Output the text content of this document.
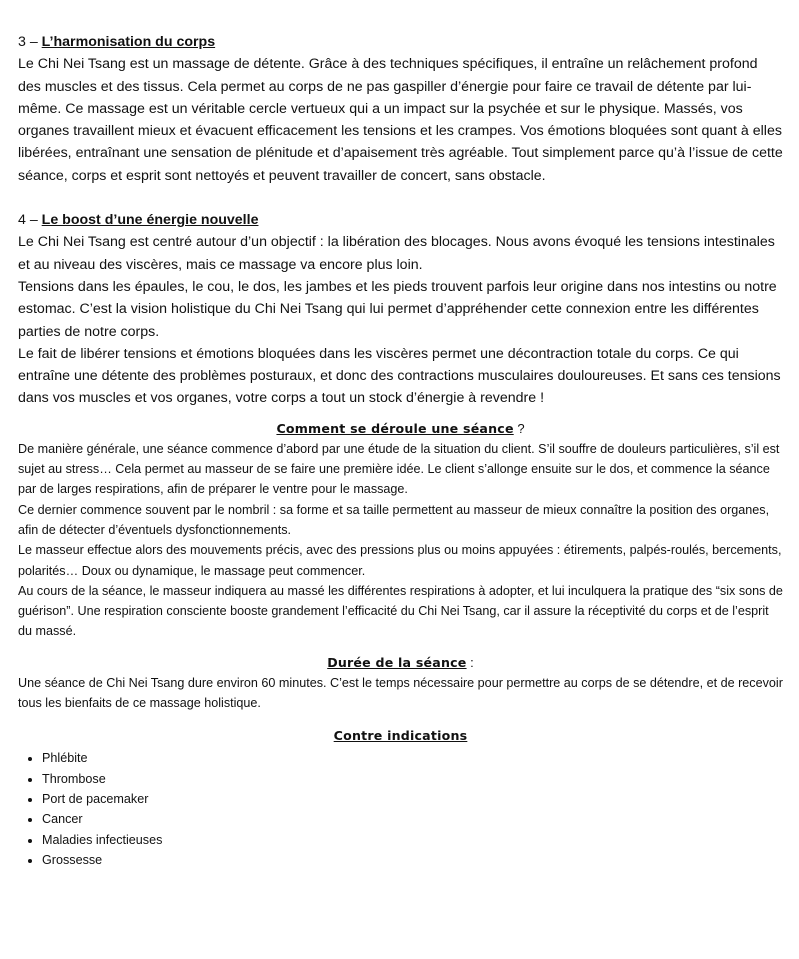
3 – L’harmonisation du corps

Le Chi Nei Tsang est un massage de détente. Grâce à des techniques spécifiques, il entraîne un relâchement profond des muscles et des tissus. Cela permet au corps de ne pas gaspiller d’énergie pour faire ce travail de détente par lui-même. Ce massage est un véritable cercle vertueux qui a un impact sur la psychée et sur le physique. Massés, vos organes travaillent mieux et évacuent efficacement les tensions et les crampes. Vos émotions bloquées sont quant à elles libérées, entraînant une sensation de plénitude et d’apaisement très agréable. Tout simplement parce qu’à l’issue de cette séance, corps et esprit sont nettoyés et peuvent travailler de concert, sans obstacle.

4 – Le boost d’une énergie nouvelle

Le Chi Nei Tsang est centré autour d’un objectif : la libération des blocages. Nous avons évoqué les tensions intestinales et au niveau des viscères, mais ce massage va encore plus loin.

Tensions dans les épaules, le cou, le dos, les jambes et les pieds trouvent parfois leur origine dans nos intestins ou notre estomac. C’est la vision holistique du Chi Nei Tsang qui lui permet d’appréhender cette connexion entre les différentes parties de notre corps.

Le fait de libérer tensions et émotions bloquées dans les viscères permet une décontraction totale du corps. Ce qui entraîne une détente des problèmes posturaux, et donc des contractions musculaires douloureuses. Et sans ces tensions dans vos muscles et vos organes, votre corps a tout un stock d’énergie à revendre !

Comment se déroule une séance ?

De manière générale, une séance commence d’abord par une étude de la situation du client. S’il souffre de douleurs particulières, s’il est sujet au stress… Cela permet au masseur de se faire une première idée. Le client s’allonge ensuite sur le dos, et commence la séance par de larges respirations, afin de préparer le ventre pour le massage.

Ce dernier commence souvent par le nombril : sa forme et sa taille permettent au masseur de mieux connaître la position des organes, afin de détecter d’éventuels dysfonctionnements.

Le masseur effectue alors des mouvements précis, avec des pressions plus ou moins appuyées : étirements, palpés-roulés, bercements, polarités… Doux ou dynamique, le massage peut commencer.

Au cours de la séance, le masseur indiquera au massé les différentes respirations à adopter, et lui inculquera la pratique des “six sons de guérison”. Une respiration consciente booste grandement l’efficacité du Chi Nei Tsang, car il assure la réceptivité du corps et de l’esprit du massé.

Durée de la séance :

Une séance de Chi Nei Tsang dure environ 60 minutes. C’est le temps nécessaire pour permettre au corps de se détendre, et de recevoir tous les bienfaits de ce massage holistique.

Contre indications
• Phlébite
• Thrombose
• Port de pacemaker
• Cancer
• Maladies infectieuses
• Grossesse
